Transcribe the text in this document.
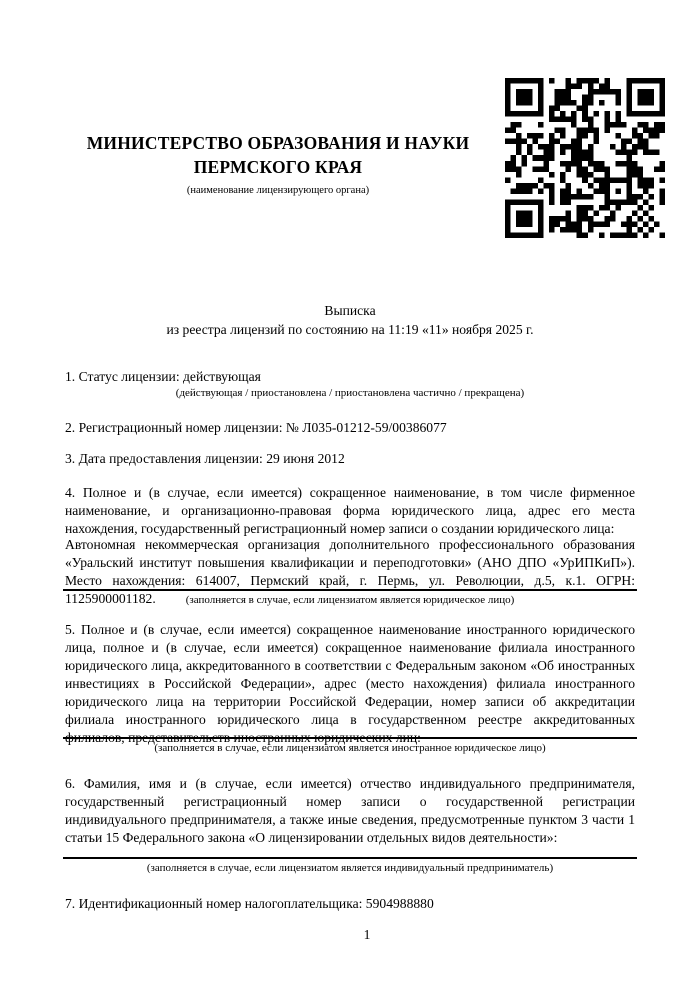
МИНИСТЕРСТВО ОБРАЗОВАНИЯ И НАУКИ
ПЕРМСКОГО КРАЯ
(наименование лицензирующего органа)
Выписка
из реестра лицензий по состоянию на 11:19 «11» ноября 2025 г.
1. Статус лицензии: действующая
(действующая / приостановлена / приостановлена частично / прекращена)
2. Регистрационный номер лицензии: № Л035-01212-59/00386077
3. Дата предоставления лицензии: 29 июня 2012
4. Полное и (в случае, если имеется) сокращенное наименование, в том числе фирменное наименование, и организационно-правовая форма юридического лица, адрес его места нахождения, государственный регистрационный номер записи о создании юридического лица:
Автономная некоммерческая организация дополнительного профессионального образования «Уральский институт повышения квалификации и переподготовки» (АНО ДПО «УрИПКиП»). Место нахождения: 614007, Пермский край, г. Пермь, ул. Революции, д.5, к.1. ОГРН: 1125900001182.	(заполняется в случае, если лицензиатом является юридическое лицо)
5. Полное и (в случае, если имеется) сокращенное наименование иностранного юридического лица, полное и (в случае, если имеется) сокращенное наименование филиала иностранного юридического лица, аккредитованного в соответствии с Федеральным законом «Об иностранных инвестициях в Российской Федерации», адрес (место нахождения) филиала иностранного юридического лица на территории Российской Федерации, номер записи об аккредитации филиала иностранного юридического лица в государственном реестре аккредитованных филиалов, представительств иностранных юридических лиц:
(заполняется в случае, если лицензиатом является иностранное юридическое лицо)
6. Фамилия, имя и (в случае, если имеется) отчество индивидуального предпринимателя, государственный регистрационный номер записи о государственной регистрации индивидуального предпринимателя, а также иные сведения, предусмотренные пунктом 3 части 1 статьи 15 Федерального закона «О лицензировании отдельных видов деятельности»:
(заполняется в случае, если лицензиатом является индивидуальный предприниматель)
7. Идентификационный номер налогоплательщика: 5904988880
1
